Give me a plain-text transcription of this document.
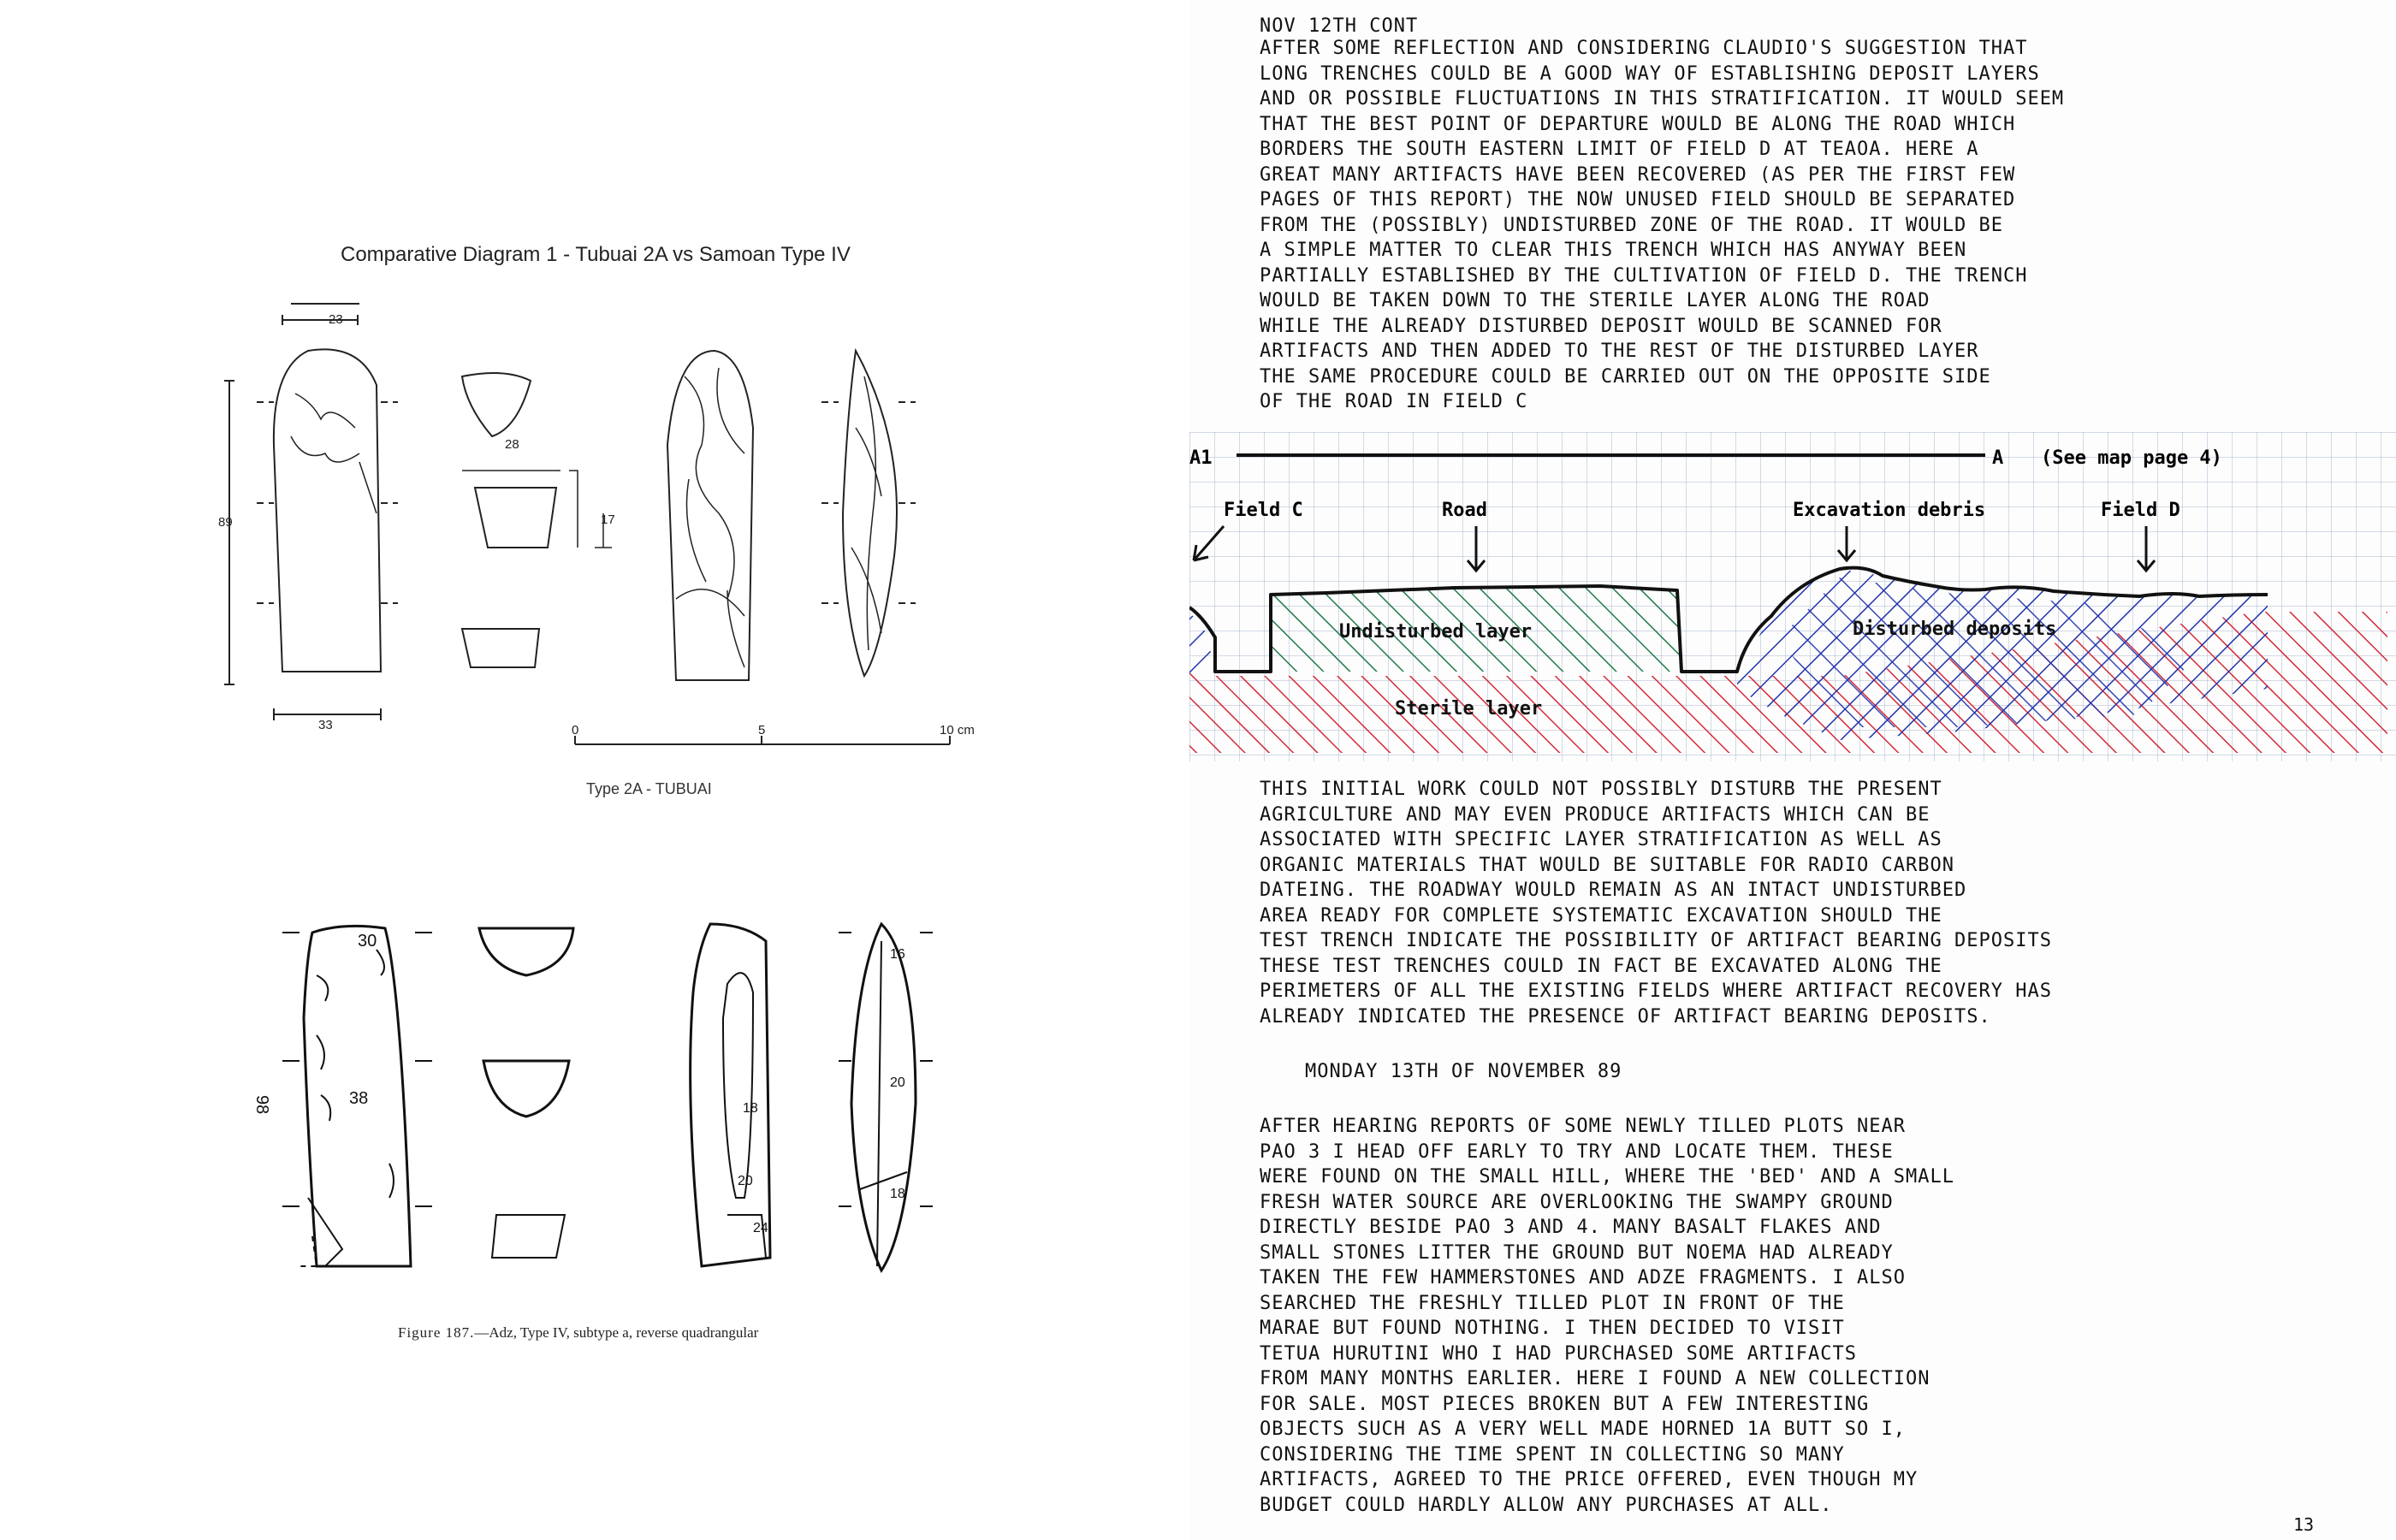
Comparative Diagram 1 - Tubuai 2A vs Samoan Type IV
23
89
33
28
17
0	5	10 cm
Type 2A - TUBUAI
30
98	38
18
20
24
16
20
18
Figure 187.—Adz, Type IV, subtype a, reverse quadrangular
NOV 12TH CONT
AFTER SOME REFLECTION AND CONSIDERING CLAUDIO'S SUGGESTION THAT
LONG TRENCHES COULD BE A GOOD WAY OF ESTABLISHING DEPOSIT LAYERS
AND OR POSSIBLE FLUCTUATIONS IN THIS STRATIFICATION. IT WOULD SEEM
THAT THE BEST POINT OF DEPARTURE WOULD BE ALONG THE ROAD WHICH
BORDERS THE SOUTH EASTERN LIMIT OF FIELD D AT TEAOA. HERE A
GREAT MANY ARTIFACTS HAVE BEEN RECOVERED (AS PER THE FIRST FEW
PAGES OF THIS REPORT) THE NOW UNUSED FIELD SHOULD BE SEPARATED
FROM THE (POSSIBLY) UNDISTURBED ZONE OF THE ROAD. IT WOULD BE
A SIMPLE MATTER TO CLEAR THIS TRENCH WHICH HAS ANYWAY BEEN
PARTIALLY ESTABLISHED BY THE CULTIVATION OF FIELD D. THE TRENCH
WOULD BE TAKEN DOWN TO THE STERILE LAYER ALONG THE ROAD
WHILE THE ALREADY DISTURBED DEPOSIT WOULD BE SCANNED FOR
ARTIFACTS AND THEN ADDED TO THE REST OF THE DISTURBED LAYER
THE SAME PROCEDURE COULD BE CARRIED OUT ON THE OPPOSITE SIDE
OF THE ROAD IN FIELD C
A1	A (See map page 4)
Field C	Road	Excavation debris	Field D
Undisturbed layer	Disturbed deposits
Sterile layer
THIS INITIAL WORK COULD NOT POSSIBLY DISTURB THE PRESENT
AGRICULTURE AND MAY EVEN PRODUCE ARTIFACTS WHICH CAN BE
ASSOCIATED WITH SPECIFIC LAYER STRATIFICATION AS WELL AS
ORGANIC MATERIALS THAT WOULD BE SUITABLE FOR RADIO CARBON
DATEING. THE ROADWAY WOULD REMAIN AS AN INTACT UNDISTURBED
AREA READY FOR COMPLETE SYSTEMATIC EXCAVATION SHOULD THE
TEST TRENCH INDICATE THE POSSIBILITY OF ARTIFACT BEARING DEPOSITS
THESE TEST TRENCHES COULD IN FACT BE EXCAVATED ALONG THE
PERIMETERS OF ALL THE EXISTING FIELDS WHERE ARTIFACT RECOVERY HAS
ALREADY INDICATED THE PRESENCE OF ARTIFACT BEARING DEPOSITS.
MONDAY 13TH OF NOVEMBER 89
AFTER HEARING REPORTS OF SOME NEWLY TILLED PLOTS NEAR
PAO 3 I HEAD OFF EARLY TO TRY AND LOCATE THEM. THESE
WERE FOUND ON THE SMALL HILL, WHERE THE 'BED' AND A SMALL
FRESH WATER SOURCE ARE OVERLOOKING THE SWAMPY GROUND
DIRECTLY BESIDE PAO 3 AND 4. MANY BASALT FLAKES AND
SMALL STONES LITTER THE GROUND BUT NOEMA HAD ALREADY
TAKEN THE FEW HAMMERSTONES AND ADZE FRAGMENTS. I ALSO
SEARCHED THE FRESHLY TILLED PLOT IN FRONT OF THE
MARAE BUT FOUND NOTHING. I THEN DECIDED TO VISIT
TETUA HURUTINI WHO I HAD PURCHASED SOME ARTIFACTS
FROM MANY MONTHS EARLIER. HERE I FOUND A NEW COLLECTION
FOR SALE. MOST PIECES BROKEN BUT A FEW INTERESTING
OBJECTS SUCH AS A VERY WELL MADE HORNED 1A BUTT SO I,
CONSIDERING THE TIME SPENT IN COLLECTING SO MANY
ARTIFACTS, AGREED TO THE PRICE OFFERED, EVEN THOUGH MY
BUDGET COULD HARDLY ALLOW ANY PURCHASES AT ALL.
13
